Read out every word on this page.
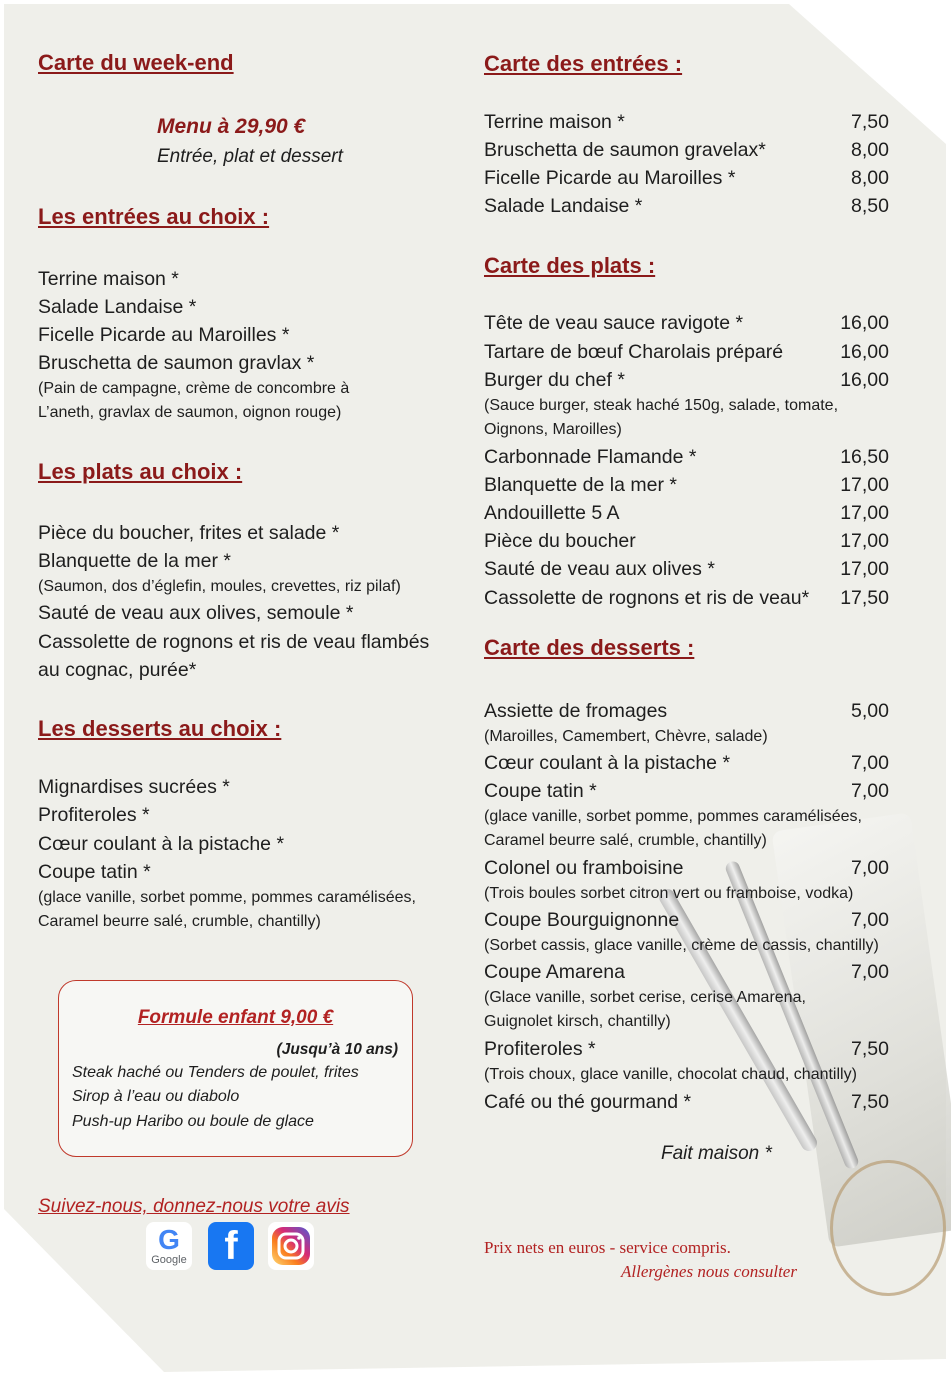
Carte du week-end
Menu à 29,90 €
Entrée, plat et dessert
Les entrées au choix :
Terrine maison *
Salade Landaise *
Ficelle Picarde au Maroilles *
Bruschetta de saumon gravlax *
(Pain de campagne, crème de concombre à
L’aneth, gravlax de saumon, oignon rouge)
Les plats au choix :
Pièce du boucher, frites et salade *
Blanquette de la mer *
(Saumon, dos d’églefin, moules, crevettes, riz pilaf)
Sauté de veau aux olives, semoule *
Cassolette de rognons et ris de veau flambés
au cognac, purée*
Les desserts au choix :
Mignardises sucrées *
Profiteroles *
Cœur coulant à la pistache *
Coupe tatin *
(glace vanille, sorbet pomme, pommes caramélisées,
Caramel beurre salé, crumble, chantilly)
Formule enfant 9,00 €
(Jusqu’à 10 ans)
Steak haché ou Tenders de poulet, frites
Sirop à l’eau ou diabolo
Push-up Haribo ou boule de glace
Suivez-nous, donnez-nous votre avis
G
Google f
Carte des entrées :
Terrine maison *	7,50
Bruschetta de saumon gravelax*	8,00
Ficelle Picarde au Maroilles *	8,00
Salade Landaise *	8,50
Carte des plats :
Tête de veau sauce ravigote *	16,00
Tartare de bœuf Charolais préparé	16,00
Burger du chef *	16,00
(Sauce burger, steak haché 150g, salade, tomate,
Oignons, Maroilles)
Carbonnade Flamande *	16,50
Blanquette de la mer *	17,00
Andouillette 5 A	17,00
Pièce du boucher	17,00
Sauté de veau aux olives *	17,00
Cassolette de rognons et ris de veau* 17,50
Carte des desserts :
Assiette de fromages	5,00
(Maroilles, Camembert, Chèvre, salade)
Cœur coulant à la pistache *	7,00
Coupe tatin *	7,00
(glace vanille, sorbet pomme, pommes caramélisées,
Caramel beurre salé, crumble, chantilly)
Colonel ou framboisine	7,00
(Trois boules sorbet citron vert ou framboise, vodka)
Coupe Bourguignonne	7,00
(Sorbet cassis, glace vanille, crème de cassis, chantilly)
Coupe Amarena	7,00
(Glace vanille, sorbet cerise, cerise Amarena,
Guignolet kirsch, chantilly)
Profiteroles *	7,50
(Trois choux, glace vanille, chocolat chaud, chantilly)
Café ou thé gourmand *	7,50
Fait maison *
Prix nets en euros - service compris.
Allergènes nous consulter
